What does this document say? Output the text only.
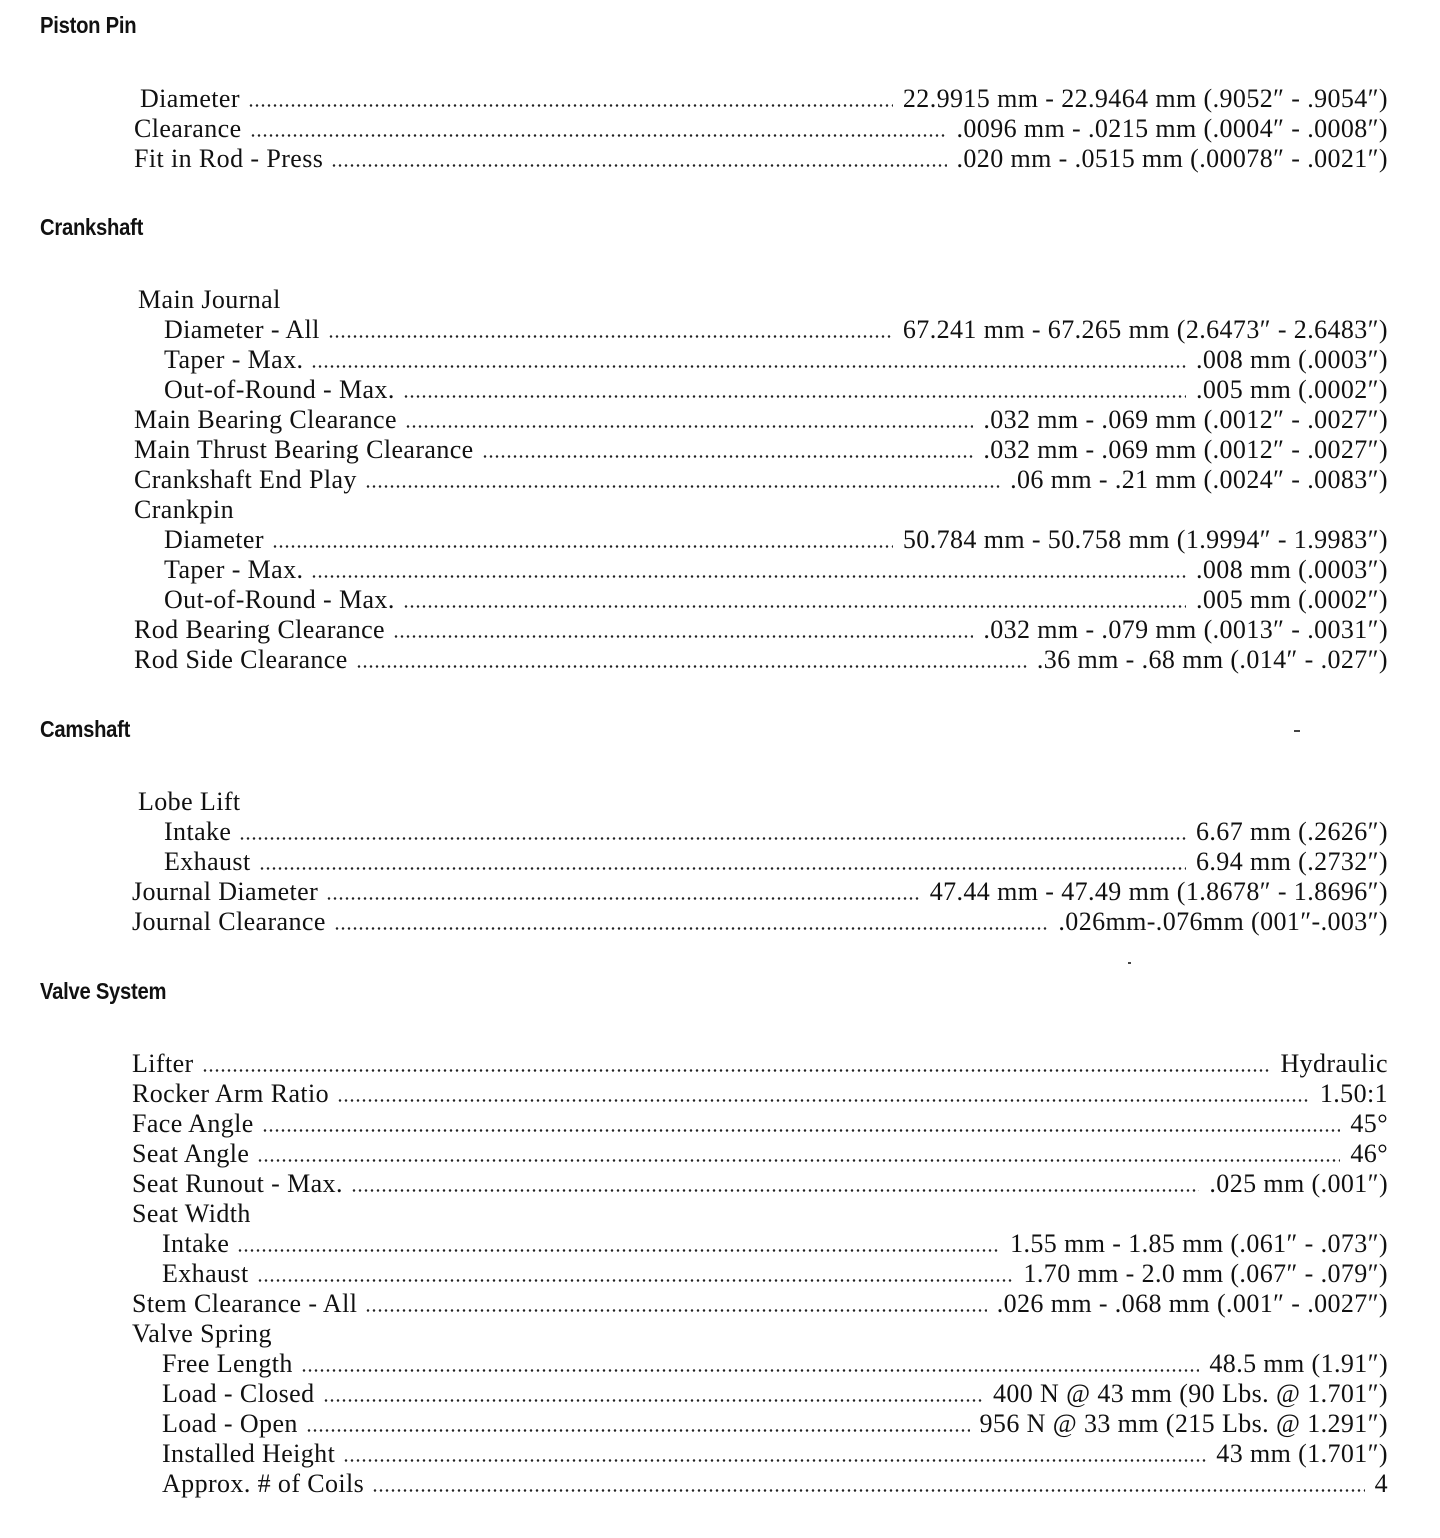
Piston Pin
Diameter	22.9915 mm - 22.9464 mm (.9052″ - .9054″)
Clearance	.0096 mm - .0215 mm (.0004″ - .0008″)
Fit in Rod - Press	.020 mm - .0515 mm (.00078″ - .0021″)
Crankshaft
Main Journal
Diameter - All	67.241 mm - 67.265 mm (2.6473″ - 2.6483″)
Taper - Max.	.008 mm (.0003″)
Out-of-Round - Max.	.005 mm (.0002″)
Main Bearing Clearance	.032 mm - .069 mm (.0012″ - .0027″)
Main Thrust Bearing Clearance	.032 mm - .069 mm (.0012″ - .0027″)
Crankshaft End Play	.06 mm - .21 mm (.0024″ - .0083″)
Crankpin
Diameter	50.784 mm - 50.758 mm (1.9994″ - 1.9983″)
Taper - Max.	.008 mm (.0003″)
Out-of-Round - Max.	.005 mm (.0002″)
Rod Bearing Clearance	.032 mm - .079 mm (.0013″ - .0031″)
Rod Side Clearance	.36 mm - .68 mm (.014″ - .027″)
Camshaft
Lobe Lift
Intake	6.67 mm (.2626″)
Exhaust	6.94 mm (.2732″)
Journal Diameter	47.44 mm - 47.49 mm (1.8678″ - 1.8696″)
Journal Clearance	.026mm-.076mm (001″-.003″)
Valve System
Lifter	Hydraulic
Rocker Arm Ratio	1.50:1
Face Angle	45°
Seat Angle	46°
Seat Runout - Max.	.025 mm (.001″)
Seat Width
Intake	1.55 mm - 1.85 mm (.061″ - .073″)
Exhaust	1.70 mm - 2.0 mm (.067″ - .079″)
Stem Clearance - All	.026 mm - .068 mm (.001″ - .0027″)
Valve Spring
Free Length	48.5 mm (1.91″)
Load - Closed	400 N @ 43 mm (90 Lbs. @ 1.701″)
Load - Open	956 N @ 33 mm (215 Lbs. @ 1.291″)
Installed Height	43 mm (1.701″)
Approx. # of Coils	4
